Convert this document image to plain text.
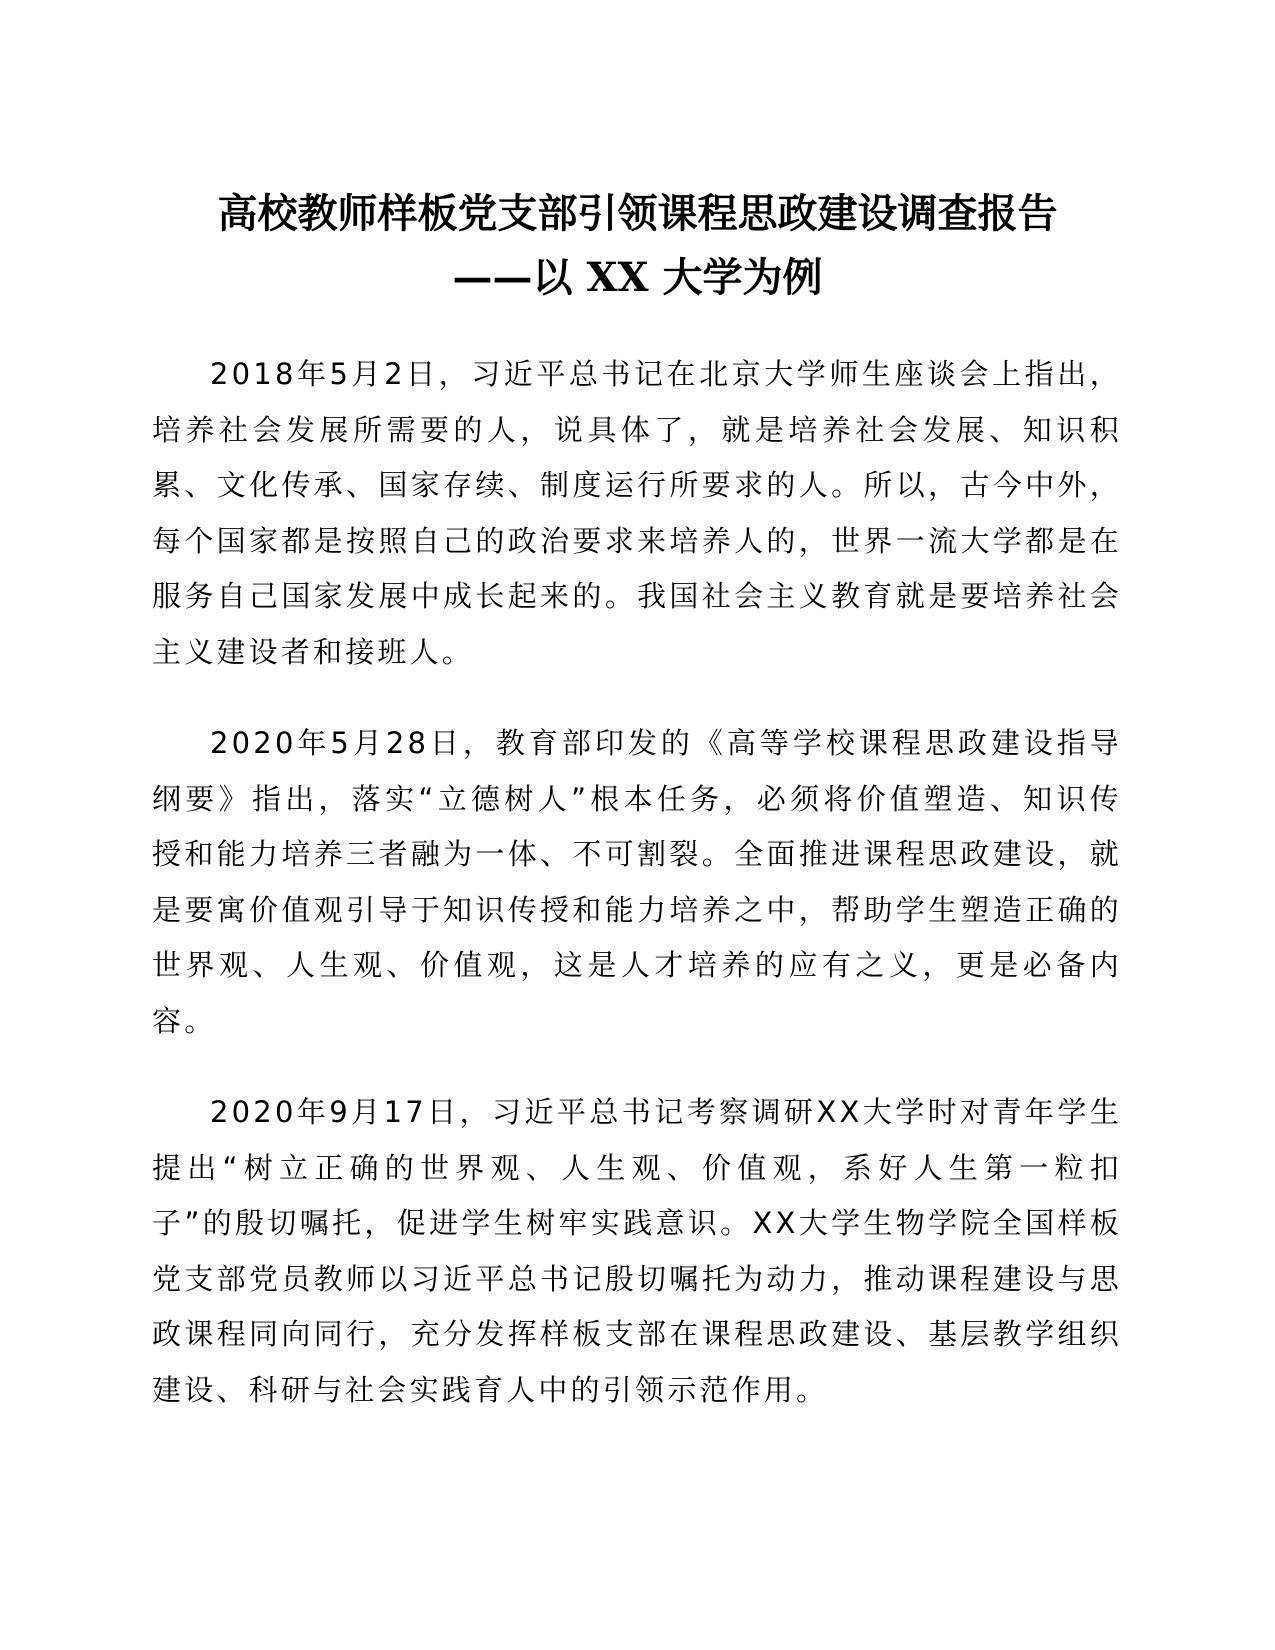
高校教师样板党支部引领课程思政建设调查报告
——以 XX 大学为例

2018年5月2日，习近平总书记在北京大学师生座谈会上指出，培养社会发展所需要的人，说具体了，就是培养社会发展、知识积累、文化传承、国家存续、制度运行所要求的人。所以，古今中外，每个国家都是按照自己的政治要求来培养人的，世界一流大学都是在服务自己国家发展中成长起来的。我国社会主义教育就是要培养社会主义建设者和接班人。

2020年5月28日，教育部印发的《高等学校课程思政建设指导纲要》指出，落实“立德树人”根本任务，必须将价值塑造、知识传授和能力培养三者融为一体、不可割裂。全面推进课程思政建设，就是要寓价值观引导于知识传授和能力培养之中，帮助学生塑造正确的世界观、人生观、价值观，这是人才培养的应有之义，更是必备内容。

2020年9月17日，习近平总书记考察调研XX大学时对青年学生提出“树立正确的世界观、人生观、价值观，系好人生第一粒扣子”的殷切嘱托，促进学生树牢实践意识。XX大学生物学院全国样板党支部党员教师以习近平总书记殷切嘱托为动力，推动课程建设与思政课程同向同行，充分发挥样板支部在课程思政建设、基层教学组织建设、科研与社会实践育人中的引领示范作用。
